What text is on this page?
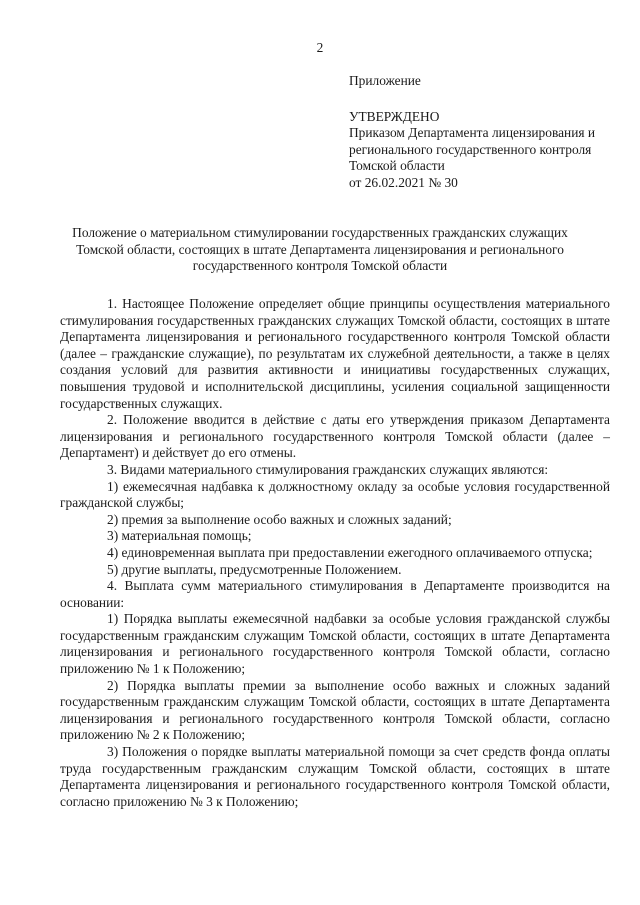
2

Приложение

УТВЕРЖДЕНО

Приказом Департамента лицензирования и

регионального государственного контроля

Томской области

от 26.02.2021 № 30

Положение о материальном стимулировании государственных гражданских служащих Томской области, состоящих в штате Департамента лицензирования и регионального государственного контроля Томской области

1. Настоящее Положение определяет общие принципы осуществления материального стимулирования государственных гражданских служащих Томской области, состоящих в штате Департамента лицензирования и регионального государственного контроля Томской области (далее – гражданские служащие), по результатам их служебной деятельности, а также в целях создания условий для развития активности и инициативы государственных служащих, повышения трудовой и исполнительской дисциплины, усиления социальной защищенности государственных служащих.

2. Положение вводится в действие с даты его утверждения приказом Департамента лицензирования и регионального государственного контроля Томской области (далее – Департамент) и действует до его отмены.

3. Видами материального стимулирования гражданских служащих являются:

1) ежемесячная надбавка к должностному окладу за особые условия государственной гражданской службы;

2) премия за выполнение особо важных и сложных заданий;

3) материальная помощь;

4) единовременная выплата при предоставлении ежегодного оплачиваемого отпуска;

5) другие выплаты, предусмотренные Положением.

4. Выплата сумм материального стимулирования в Департаменте производится на основании:

1) Порядка выплаты ежемесячной надбавки за особые условия гражданской службы государственным гражданским служащим Томской области, состоящих в штате Департамента лицензирования и регионального государственного контроля Томской области, согласно приложению № 1 к Положению;

2) Порядка выплаты премии за выполнение особо важных и сложных заданий государственным гражданским служащим Томской области, состоящих в штате Департамента лицензирования и регионального государственного контроля Томской области, согласно приложению № 2 к Положению;

3) Положения о порядке выплаты материальной помощи за счет средств фонда оплаты труда государственным гражданским служащим Томской области, состоящих в штате Департамента лицензирования и регионального государственного контроля Томской области, согласно приложению № 3 к Положению;
